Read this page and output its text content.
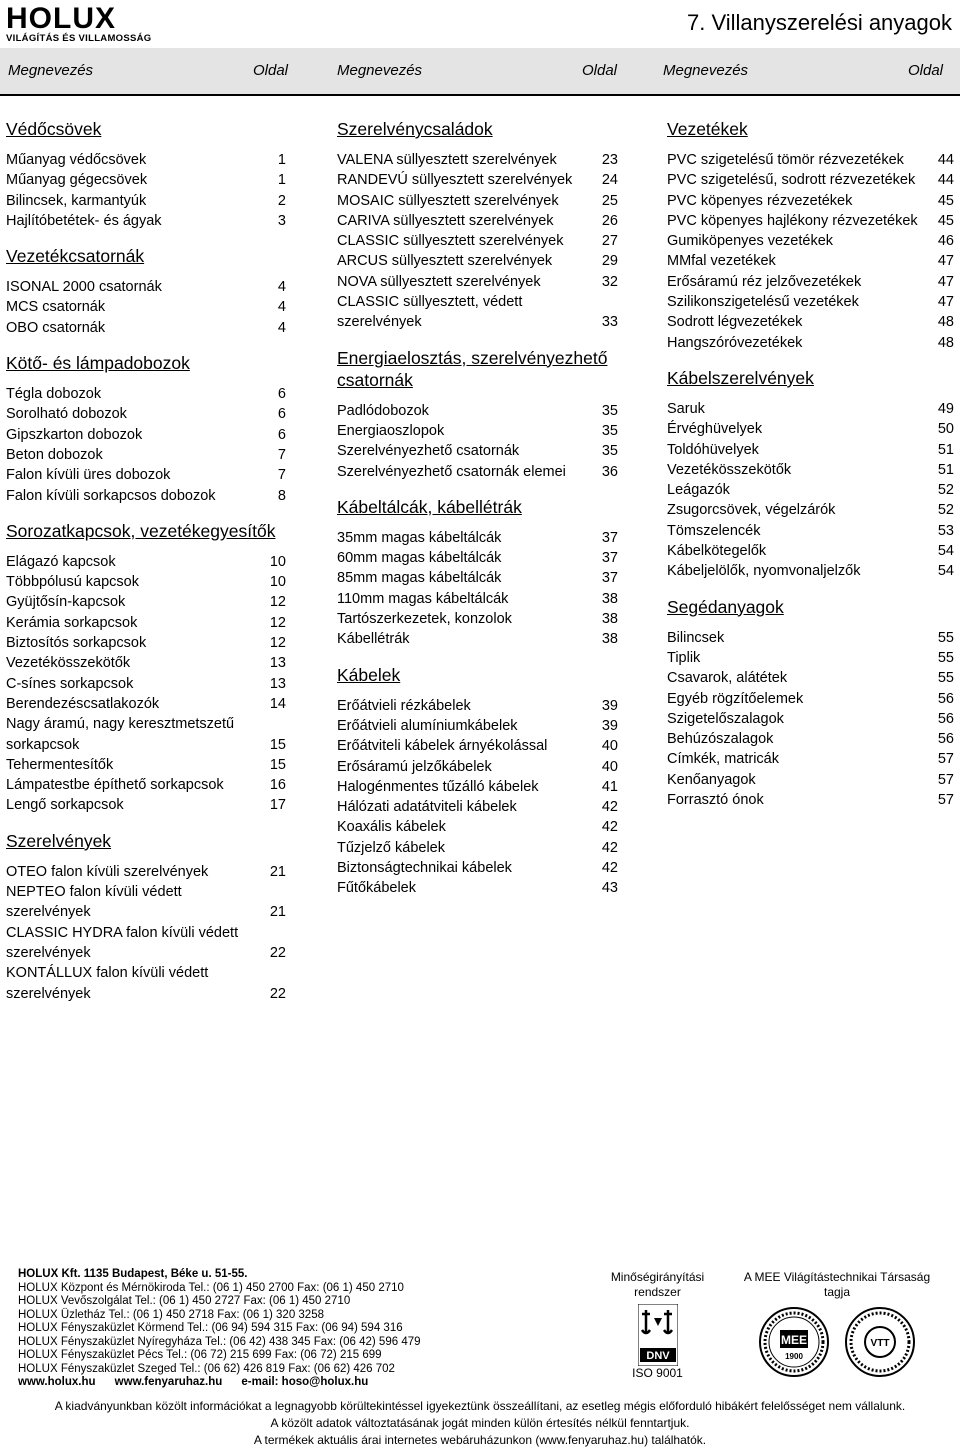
HOLUX
VILÁGÍTÁS ÉS VILLAMOSSÁG
7. Villanyszerelési anyagok
Megnevezés	Oldal	Megnevezés	Oldal	Megnevezés	Oldal
Védőcsövek
Műanyag védőcsövek	1
Műanyag gégecsövek	1
Bilincsek, karmantyúk	2
Hajlítóbetétek- és ágyak	3
Vezetékcsatornák
ISONAL 2000 csatornák	4
MCS csatornák	4
OBO csatornák	4
Kötő- és lámpadobozok
Tégla dobozok	6
Sorolható dobozok	6
Gipszkarton dobozok	6
Beton dobozok	7
Falon kívüli üres dobozok	7
Falon kívüli sorkapcsos dobozok	8
Sorozatkapcsok, vezetékegyesítők
Elágazó kapcsok	10
Többpólusú kapcsok	10
Gyüjtősín-kapcsok	12
Kerámia sorkapcsok	12
Biztosítós sorkapcsok	12
Vezetékösszekötők	13
C-sínes sorkapcsok	13
Berendezéscsatlakozók	14
Nagy áramú, nagy keresztmetszetű sorkapcsok	15
Tehermentesítők	15
Lámpatestbe építhető sorkapcsok	16
Lengő sorkapcsok	17
Szerelvények
OTEO falon kívüli szerelvények	21
NEPTEO falon kívüli védett szerelvények	21
CLASSIC HYDRA falon kívüli védett szerelvények	22
KONTÁLLUX falon kívüli védett szerelvények	22
Szerelvénycsaládok
VALENA süllyesztett szerelvények	23
RANDEVÚ süllyesztett szerelvények 24
MOSAIC süllyesztett szerelvények	25
CARIVA süllyesztett szerelvények	26
CLASSIC süllyesztett szerelvények	27
ARCUS süllyesztett szerelvények	29
NOVA süllyesztett szerelvények	32
CLASSIC süllyesztett, védett szerelvények	33
Energiaelosztás, szerelvényezhető csatornák
Padlódobozok	35
Energiaoszlopok	35
Szerelvényezhető csatornák	35
Szerelvényezhető csatornák elemei 36
Kábeltálcák, kábellétrák
35mm magas kábeltálcák	37
60mm magas kábeltálcák	37
85mm magas kábeltálcák	37
110mm magas kábeltálcák	38
Tartószerkezetek, konzolok	38
Kábellétrák	38
Kábelek
Erőátvieli rézkábelek	39
Erőátvieli alumíniumkábelek	39
Erőátviteli kábelek árnyékolással	40
Erősáramú jelzőkábelek	40
Halogénmentes tűzálló kábelek	41
Hálózati adatátviteli kábelek	42
Koaxális kábelek	42
Tűzjelző kábelek	42
Biztonságtechnikai kábelek	42
Fűtőkábelek	43
Vezetékek
PVC szigetelésű tömör rézvezetékek 44
PVC szigetelésű, sodrott rézvezetékek 44
PVC köpenyes rézvezetékek	45
PVC köpenyes hajlékony rézvezetékek 45
Gumiköpenyes vezetékek	46
MMfal vezetékek	47
Erősáramú réz jelzővezetékek	47
Szilikonszigetelésű vezetékek	47
Sodrott légvezetékek	48
Hangszóróvezetékek	48
Kábelszerelvények
Saruk	49
Érvéghüvelyek	50
Toldóhüvelyek	51
Vezetékösszekötők	51
Leágazók	52
Zsugorcsövek, végelzárók	52
Tömszelencék	53
Kábelkötegelők	54
Kábeljelölők, nyomvonaljelzők	54
Segédanyagok
Bilincsek	55
Tiplik	55
Csavarok, alátétek	55
Egyéb rögzítőelemek	56
Szigetelőszalagok	56
Behúzószalagok	56
Címkék, matricák	57
Kenőanyagok	57
Forrasztó ónok	57
HOLUX Kft. 1135 Budapest, Béke u. 51-55.
HOLUX Központ és Mérnökiroda Tel.: (06 1) 450 2700 Fax: (06 1) 450 2710
HOLUX Vevőszolgálat Tel.: (06 1) 450 2727 Fax: (06 1) 450 2710
HOLUX Üzletház Tel.: (06 1) 450 2718 Fax: (06 1) 320 3258
HOLUX Fényszaküzlet Körmend Tel.: (06 94) 594 315 Fax: (06 94) 594 316
HOLUX Fényszaküzlet Nyíregyháza Tel.: (06 42) 438 345 Fax: (06 42) 596 479
HOLUX Fényszaküzlet Pécs Tel.: (06 72) 215 699 Fax: (06 72) 215 699
HOLUX Fényszaküzlet Szeged Tel.: (06 62) 426 819 Fax: (06 62) 426 702
www.holux.hu      www.fenyaruhaz.hu      e-mail: hoso@holux.hu
Minőségirányítási rendszer
DNV
ISO 9001
A MEE Világítástechnikai Társaság tagja
MEE
1900
VTT
A kiadványunkban közölt információkat a legnagyobb körültekintéssel igyekeztünk összeállítani, az esetleg mégis előforduló hibákért felelősséget nem vállalunk.
A közölt adatok változtatásának jogát minden külön értesítés nélkül fenntartjuk.
A termékek aktuális árai internetes webáruházunkon (www.fenyaruhaz.hu) találhatók.
